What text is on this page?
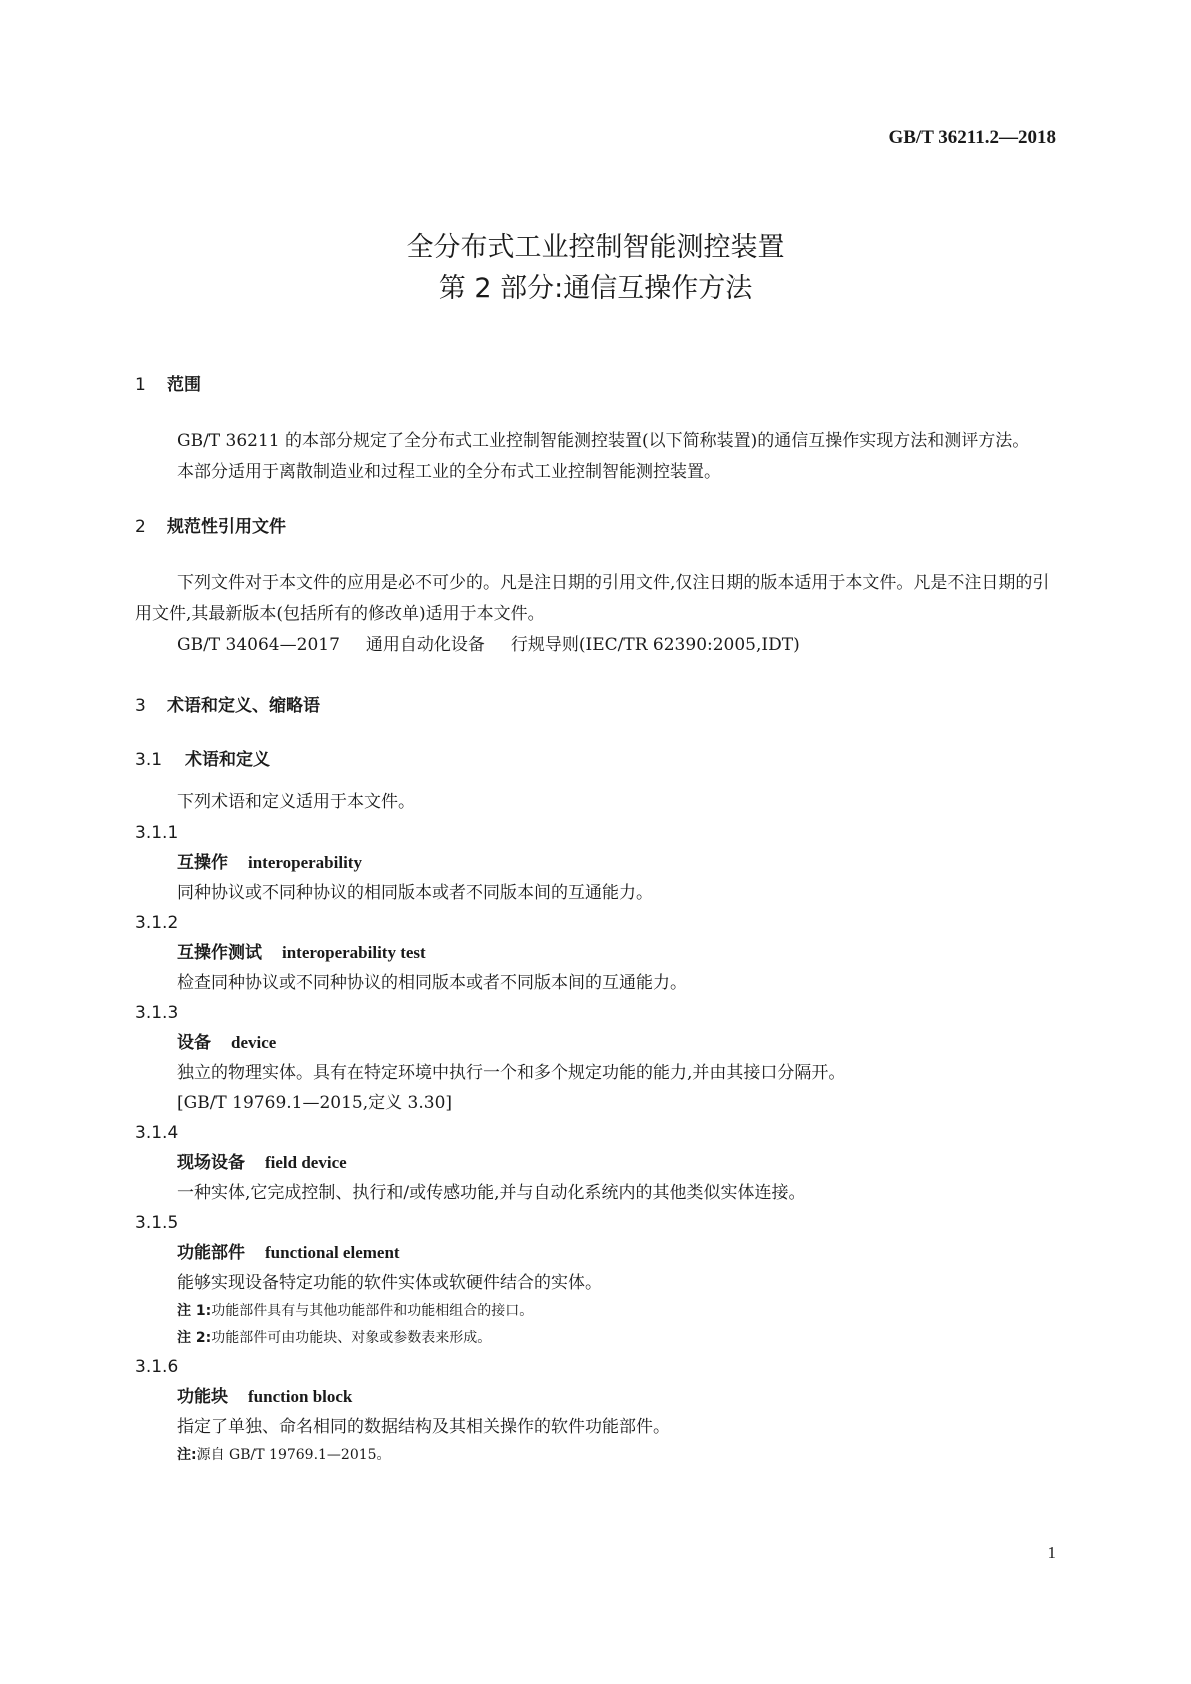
GB/T 36211.2—2018
全分布式工业控制智能测控装置
第 2 部分:通信互操作方法
1 范围

GB/T 36211 的本部分规定了全分布式工业控制智能测控装置(以下简称装置)的通信互操作实现方法和测评方法。

本部分适用于离散制造业和过程工业的全分布式工业控制智能测控装置。

2 规范性引用文件

下列文件对于本文件的应用是必不可少的。凡是注日期的引用文件,仅注日期的版本适用于本文件。凡是不注日期的引用文件,其最新版本(包括所有的修改单)适用于本文件。

GB/T 34064—2017 通用自动化设备 行规导则(IEC/TR 62390:2005,IDT)

3 术语和定义、缩略语
3.1 术语和定义

下列术语和定义适用于本文件。

3.1.1

互操作 interoperability

同种协议或不同种协议的相同版本或者不同版本间的互通能力。

3.1.2

互操作测试 interoperability test

检查同种协议或不同种协议的相同版本或者不同版本间的互通能力。

3.1.3

设备 device

独立的物理实体。具有在特定环境中执行一个和多个规定功能的能力,并由其接口分隔开。

[GB/T 19769.1—2015,定义 3.30]

3.1.4

现场设备 field device

一种实体,它完成控制、执行和/或传感功能,并与自动化系统内的其他类似实体连接。

3.1.5

功能部件 functional element

能够实现设备特定功能的软件实体或软硬件结合的实体。

注 1:功能部件具有与其他功能部件和功能相组合的接口。

注 2:功能部件可由功能块、对象或参数表来形成。

3.1.6

功能块 function block

指定了单独、命名相同的数据结构及其相关操作的软件功能部件。

注:源自 GB/T 19769.1—2015。

1
